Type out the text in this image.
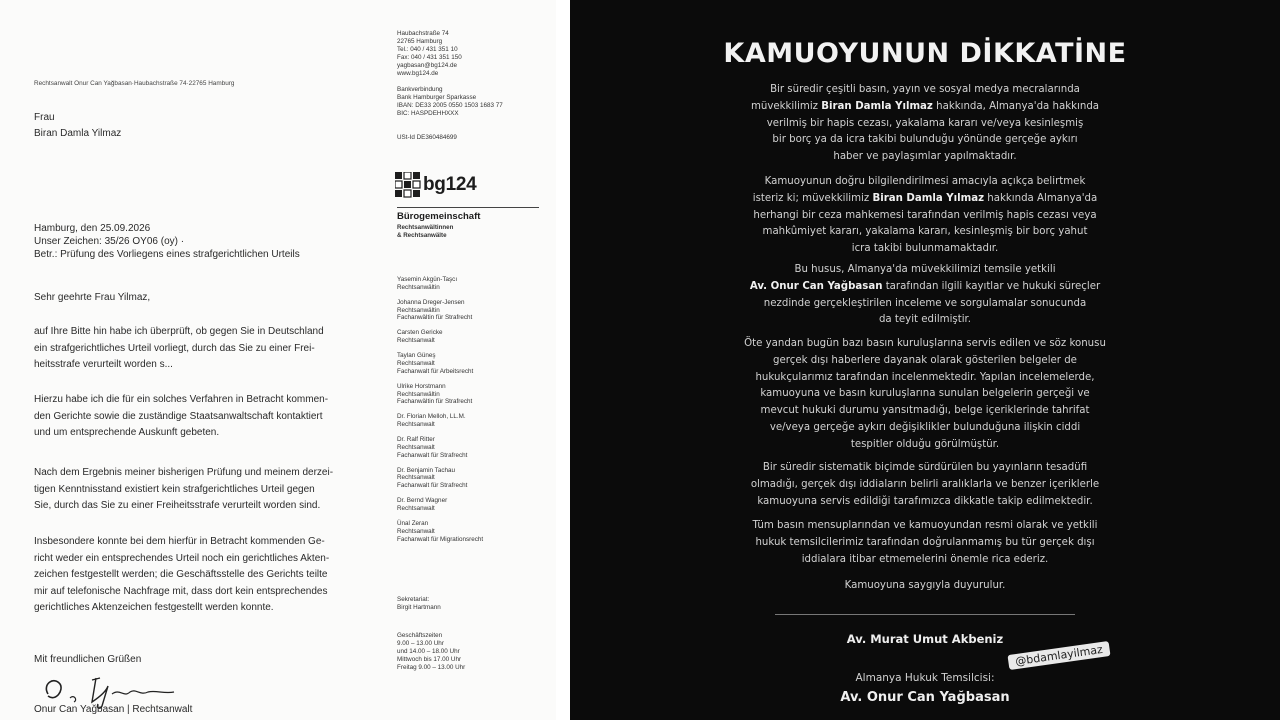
Rechtsanwalt Onur Can Yağbasan·Haubachstraße 74·22765 Hamburg
Frau
Biran Damla Yilmaz
Hamburg, den 25.09.2026
Unser Zeichen: 35/26 OY06 (oy) ·
Betr.: Prüfung des Vorliegens eines strafgerichtlichen Urteils
Sehr geehrte Frau Yilmaz,
auf Ihre Bitte hin habe ich überprüft, ob gegen Sie in Deutschland
ein strafgerichtliches Urteil vorliegt, durch das Sie zu einer Frei-
heitsstrafe verurteilt worden s...
Hierzu habe ich die für ein solches Verfahren in Betracht kommen-
den Gerichte sowie die zuständige Staatsanwaltschaft kontaktiert
und um entsprechende Auskunft gebeten.
Nach dem Ergebnis meiner bisherigen Prüfung und meinem derzei-
tigen Kenntnisstand existiert kein strafgerichtliches Urteil gegen
Sie, durch das Sie zu einer Freiheitsstrafe verurteilt worden sind.
Insbesondere konnte bei dem hierfür in Betracht kommenden Ge-
richt weder ein entsprechendes Urteil noch ein gerichtliches Akten-
zeichen festgestellt werden; die Geschäftsstelle des Gerichts teilte
mir auf telefonische Nachfrage mit, dass dort kein entsprechendes
gerichtliches Aktenzeichen festgestellt werden konnte.
Mit freundlichen Grüßen
Onur Can Yağbasan | Rechtsanwalt
Haubachstraße 74
22765 Hamburg
Tel.: 040 / 431 351 10
Fax: 040 / 431 351 150
yagbasan@bg124.de
www.bg124.de
Bankverbindung
Bank Hamburger Sparkasse
IBAN: DE33 2005 0550 1503 1683 77
BIC: HASPDEHHXXX
USt-Id DE360484699
bg124
Bürogemeinschaft
Rechtsanwältinnen
& Rechtsanwälte
Yasemin Akgün-Taşcı
Rechtsanwältin
Johanna Dreger-Jensen
Rechtsanwältin
Fachanwältin für Strafrecht
Carsten Gericke
Rechtsanwalt
Taylan Güneş
Rechtsanwalt
Fachanwalt für Arbeitsrecht
Ulrike Horstmann
Rechtsanwältin
Fachanwältin für Strafrecht
Dr. Florian Melloh, LL.M.
Rechtsanwalt
Dr. Ralf Ritter
Rechtsanwalt
Fachanwalt für Strafrecht
Dr. Benjamin Tachau
Rechtsanwalt
Fachanwalt für Strafrecht
Dr. Bernd Wagner
Rechtsanwalt
Ünal Zeran
Rechtsanwalt
Fachanwalt für Migrationsrecht
Sekretariat:
Birgit Hartmann
Geschäftszeiten
9.00 – 13.00 Uhr
und 14.00 – 18.00 Uhr
Mittwoch bis 17.00 Uhr
Freitag 9.00 – 13.00 Uhr
KAMUOYUNUN DİKKATİNE
Bir süredir çeşitli basın, yayın ve sosyal medya mecralarında
müvekkilimiz Biran Damla Yılmaz hakkında, Almanya'da hakkında
verilmiş bir hapis cezası, yakalama kararı ve/veya kesinleşmiş
bir borç ya da icra takibi bulunduğu yönünde gerçeğe aykırı
haber ve paylaşımlar yapılmaktadır.
Kamuoyunun doğru bilgilendirilmesi amacıyla açıkça belirtmek
isteriz ki; müvekkilimiz Biran Damla Yılmaz hakkında Almanya'da
herhangi bir ceza mahkemesi tarafından verilmiş hapis cezası veya
mahkûmiyet kararı, yakalama kararı, kesinleşmiş bir borç yahut
icra takibi bulunmamaktadır.
Bu husus, Almanya'da müvekkilimizi temsile yetkili
Av. Onur Can Yağbasan tarafından ilgili kayıtlar ve hukuki süreçler
nezdinde gerçekleştirilen inceleme ve sorgulamalar sonucunda
da teyit edilmiştir.
Öte yandan bugün bazı basın kuruluşlarına servis edilen ve söz konusu
gerçek dışı haberlere dayanak olarak gösterilen belgeler de
hukukçularımız tarafından incelenmektedir. Yapılan incelemelerde,
kamuoyuna ve basın kuruluşlarına sunulan belgelerin gerçeği ve
mevcut hukuki durumu yansıtmadığı, belge içeriklerinde tahrifat
ve/veya gerçeğe aykırı değişiklikler bulunduğuna ilişkin ciddi
tespitler olduğu görülmüştür.
Bir süredir sistematik biçimde sürdürülen bu yayınların tesadüfi
olmadığı, gerçek dışı iddiaların belirli aralıklarla ve benzer içeriklerle
kamuoyuna servis edildiği tarafımızca dikkatle takip edilmektedir.
Tüm basın mensuplarından ve kamuoyundan resmi olarak ve yetkili
hukuk temsilcilerimiz tarafından doğrulanmamış bu tür gerçek dışı
iddialara itibar etmemelerini önemle rica ederiz.
Kamuoyuna saygıyla duyurulur.
Av. Murat Umut Akbeniz
@bdamlayilmaz
Almanya Hukuk Temsilcisi:
Av. Onur Can Yağbasan
